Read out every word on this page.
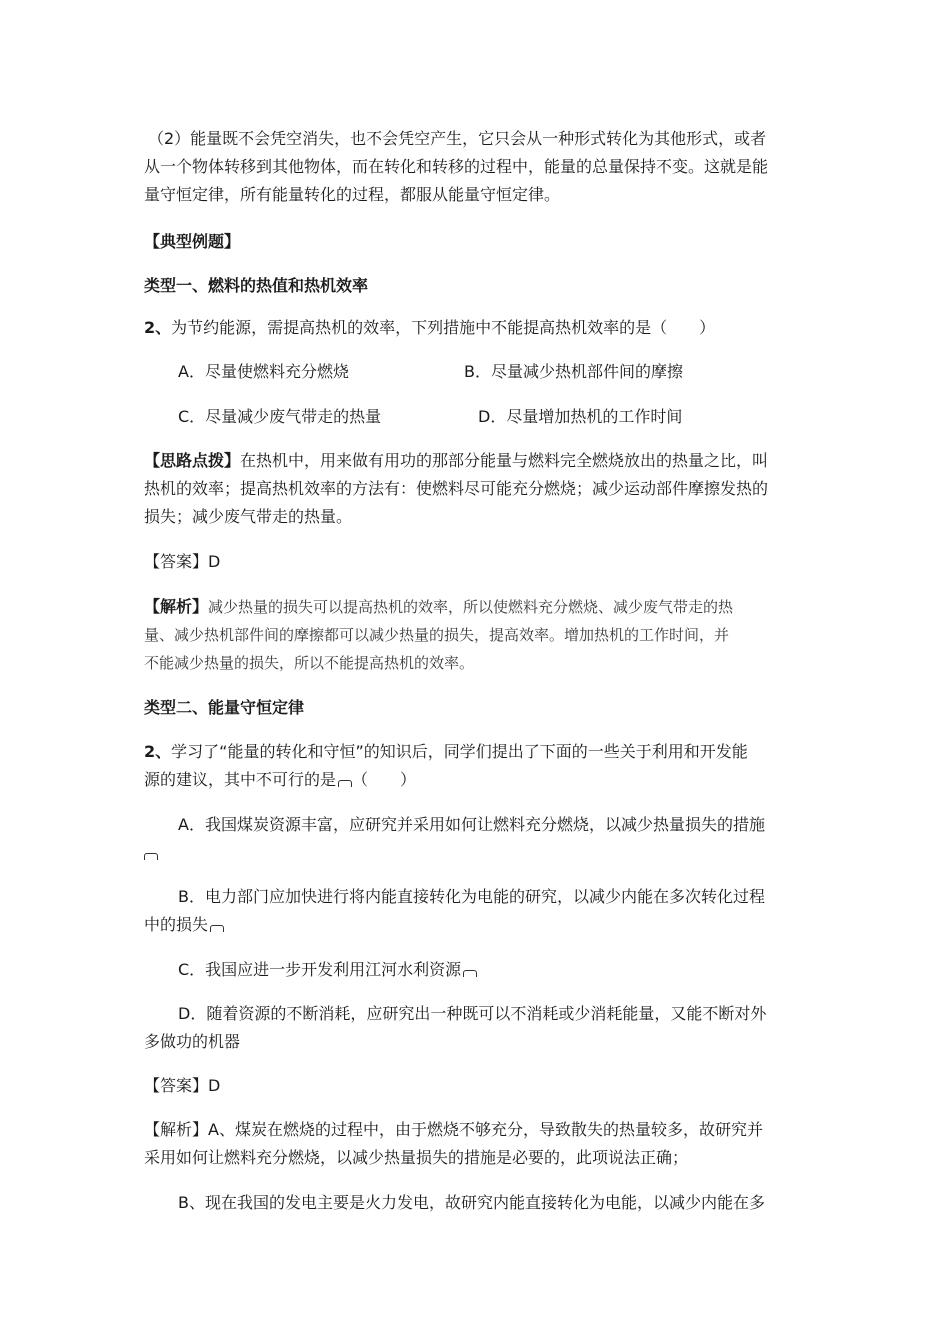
（2）能量既不会凭空消失，也不会凭空产生，它只会从一种形式转化为其他形式，或者
从一个物体转移到其他物体，而在转化和转移的过程中，能量的总量保持不变。这就是能
量守恒定律，所有能量转化的过程，都服从能量守恒定律。
【典型例题】
类型一、燃料的热值和热机效率
2、为节约能源，需提高热机的效率，下列措施中不能提高热机效率的是（　　）
A．尽量使燃料充分燃烧	B．尽量减少热机部件间的摩擦
C．尽量减少废气带走的热量	D．尽量增加热机的工作时间
【思路点拨】在热机中，用来做有用功的那部分能量与燃料完全燃烧放出的热量之比，叫
热机的效率；提高热机效率的方法有：使燃料尽可能充分燃烧；减少运动部件摩擦发热的
损失；减少废气带走的热量。
【答案】D
【解析】减少热量的损失可以提高热机的效率，所以使燃料充分燃烧、减少废气带走的热
量、减少热机部件间的摩擦都可以减少热量的损失，提高效率。增加热机的工作时间，并
不能减少热量的损失，所以不能提高热机的效率。
类型二、能量守恒定律
2、学习了“能量的转化和守恒”的知识后，同学们提出了下面的一些关于利用和开发能
源的建议，其中不可行的是 （　　）
A．我国煤炭资源丰富，应研究并采用如何让燃料充分燃烧，以减少热量损失的措施
B．电力部门应加快进行将内能直接转化为电能的研究，以减少内能在多次转化过程
中的损失
C．我国应进一步开发利用江河水利资源
D．随着资源的不断消耗，应研究出一种既可以不消耗或少消耗能量，又能不断对外
多做功的机器
【答案】D
【解析】A、煤炭在燃烧的过程中，由于燃烧不够充分，导致散失的热量较多，故研究并
采用如何让燃料充分燃烧，以减少热量损失的措施是必要的，此项说法正确；
B、现在我国的发电主要是火力发电，故研究内能直接转化为电能，以减少内能在多
